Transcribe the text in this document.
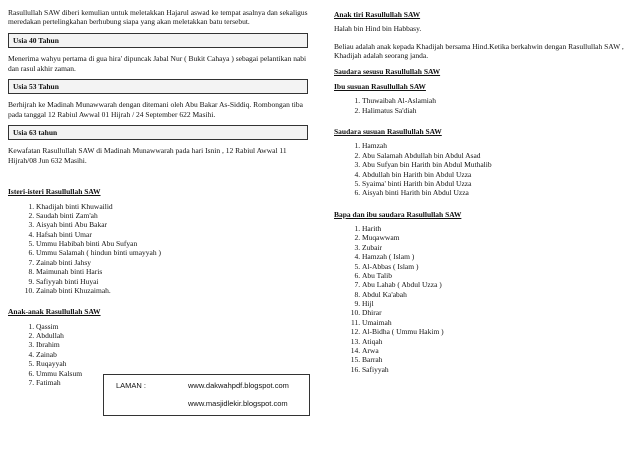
Rasullullah SAW diberi kemulian untuk meletakkan Hajarul aswad ke tempat asalnya dan sekaligus meredakan pertelingkahan berhubung siapa yang akan meletakkan batu tersebut.

Usia 40 Tahun

Menerima wahyu pertama di gua hira' dipuncak Jabal Nur ( Bukit Cahaya ) sebagai pelantikan nabi dan rasul akhir zaman.

Usia 53 Tahun

Berhijrah ke Madinah Munawwarah dengan ditemani oleh Abu Bakar As-Siddiq. Rombongan tiba pada tanggal 12 Rabiul Awwal 01 Hijrah / 24 September 622 Masihi.

Usia 63 tahun

Kewafatan Rasullullah SAW di Madinah Munawwarah pada hari Isnin , 12 Rabiul Awwal 11 Hijrah/08 Jun 632 Masihi.

Isteri-isteri Rasullullah SAW
1. Khadijah binti Khuwailid
2. Saudah binti Zam'ah
3. Aisyah binti Abu Bakar
4. Hafsah binti Umar
5. Ummu Habibah binti Abu Sufyan
6. Ummu Salamah ( hindun binti umayyah )
7. Zainab binti Jahsy
8. Maimunah binti Haris
9. Safiyyah binti Huyai
10. Zainab binti Khuzaimah.
Anak-anak Rasullullah SAW
1. Qassim
2. Abdullah
3. Ibrahim
4. Zainab
5. Ruqayyah
6. Ummu Kalsum
7. Fatimah	LAMAN :	www.dakwahpdf.blogspot.com
www.masjidlekir.blogspot.com
Anak tiri Rasullullah SAW

Halah bin Hind bin Habbasy.

Beliau adalah anak kepada Khadijah bersama Hind.Ketika berkahwin dengan Rasullullah SAW , Khadijah adalah seorang janda.

Saudara sesusu Rasullullah SAW
Ibu susuan Rasullullah SAW
1. Thuwaibah Al-Aslamiah
2. Halimatus Sa'diah
Saudara susuan Rasullullah SAW
1. Hamzah
2. Abu Salamah Abdullah bin Abdul Asad
3. Abu Sufyan bin Harith bin Abdul Muthalib
4. Abdullah bin Harith bin Abdul Uzza
5. Syaima' binti Harith bin Abdul Uzza
6. Aisyah binti Harith bin Abdul Uzza
Bapa dan ibu saudara Rasullullah SAW
1. Harith
2. Muqawwam
3. Zubair
4. Hamzah ( Islam )
5. Al-Abbas ( Islam )
6. Abu Talib
7. Abu Lahab ( Abdul Uzza )
8. Abdul Ka'abah
9. Hijl
10. Dhirar
11. Umaimah
12. Al-Bidha ( Ummu Hakim )
13. Atiqah
14. Arwa
15. Barrah
16. Safiyyah
